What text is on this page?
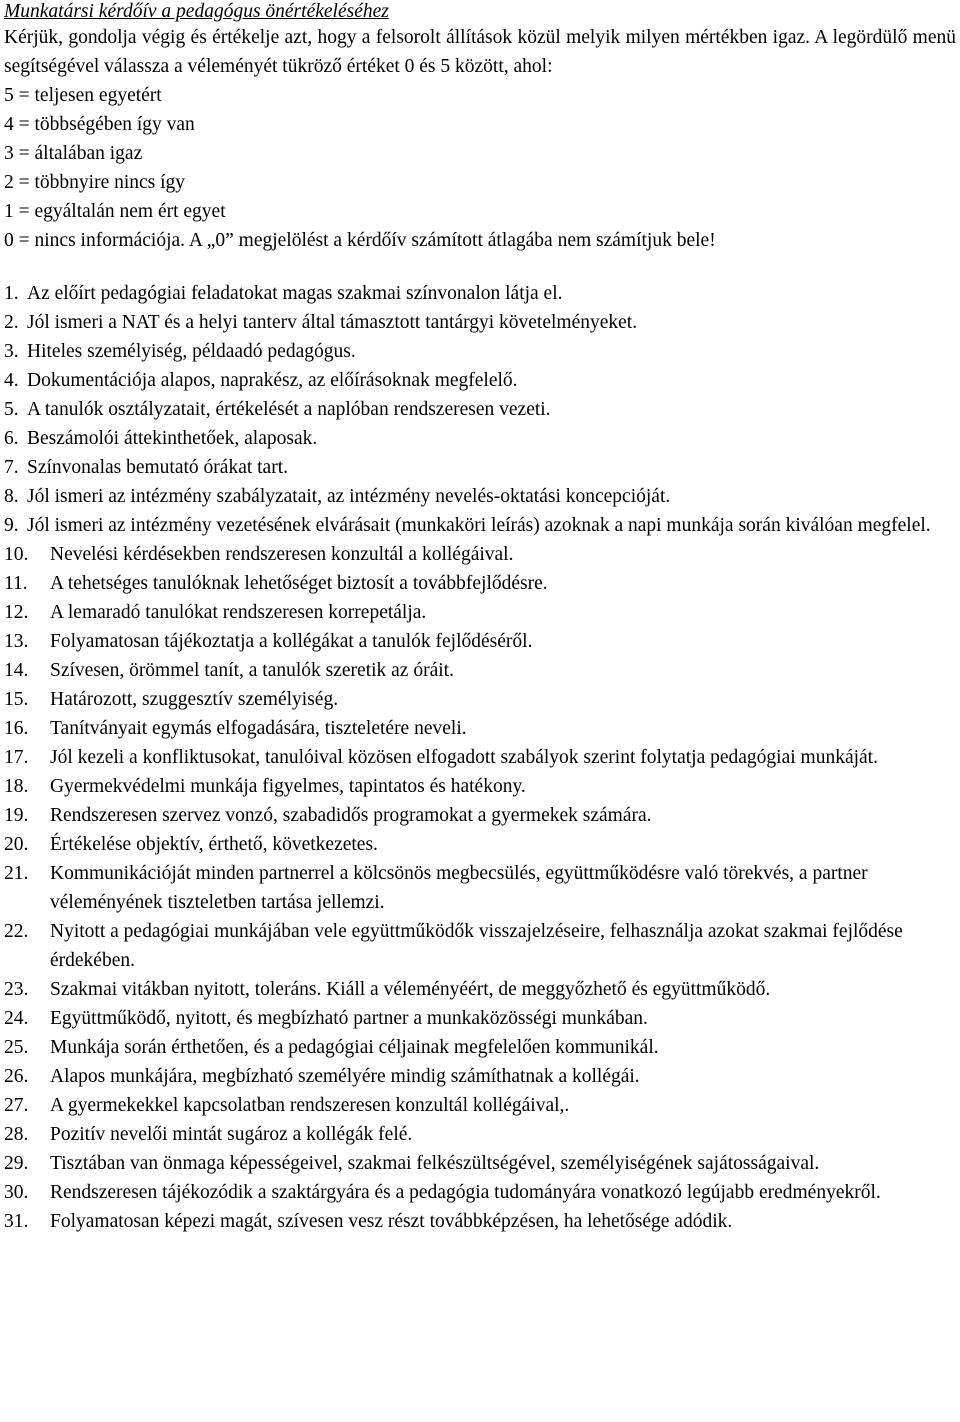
Munkatársi kérdőív a pedagógus önértékeléséhez
Kérjük, gondolja végig és értékelje azt, hogy a felsorolt állítások közül melyik milyen mértékben igaz. A legördülő menü segítségével válassza a véleményét tükröző értéket 0 és 5 között, ahol:
5 = teljesen egyetért
4 = többségében így van
3 = általában igaz
2 = többnyire nincs így
1 = egyáltalán nem ért egyet
0 = nincs információja. A „0” megjelölést a kérdőív számított átlagába nem számítjuk bele!
1. Az előírt pedagógiai feladatokat magas szakmai színvonalon látja el.
2. Jól ismeri a NAT és a helyi tanterv által támasztott tantárgyi követelményeket.
3. Hiteles személyiség, példaadó pedagógus.
4. Dokumentációja alapos, naprakész, az előírásoknak megfelelő.
5. A tanulók osztályzatait, értékelését a naplóban rendszeresen vezeti.
6. Beszámolói áttekinthetőek, alaposak.
7. Színvonalas bemutató órákat tart.
8. Jól ismeri az intézmény szabályzatait, az intézmény nevelés-oktatási koncepcióját.
9. Jól ismeri az intézmény vezetésének elvárásait (munkaköri leírás) azoknak a napi munkája során kiválóan megfelel.
10. Nevelési kérdésekben rendszeresen konzultál a kollégáival.
11. A tehetséges tanulóknak lehetőséget biztosít a továbbfejlődésre.
12. A lemaradó tanulókat rendszeresen korrepetálja.
13. Folyamatosan tájékoztatja a kollégákat a tanulók fejlődéséről.
14. Szívesen, örömmel tanít, a tanulók szeretik az óráit.
15. Határozott, szuggesztív személyiség.
16. Tanítványait egymás elfogadására, tiszteletére neveli.
17. Jól kezeli a konfliktusokat, tanulóival közösen elfogadott szabályok szerint folytatja pedagógiai munkáját.
18. Gyermekvédelmi munkája figyelmes, tapintatos és hatékony.
19. Rendszeresen szervez vonzó, szabadidős programokat a gyermekek számára.
20. Értékelése objektív, érthető, következetes.
21. Kommunikációját minden partnerrel a kölcsönös megbecsülés, együttműködésre való törekvés, a partner véleményének tiszteletben tartása jellemzi.
22. Nyitott a pedagógiai munkájában vele együttműködők visszajelzéseire, felhasználja azokat szakmai fejlődése érdekében.
23. Szakmai vitákban nyitott, toleráns. Kiáll a véleményéért, de meggyőzhető és együttműködő.
24. Együttműködő, nyitott, és megbízható partner a munkaközösségi munkában.
25. Munkája során érthetően, és a pedagógiai céljainak megfelelően kommunikál.
26. Alapos munkájára, megbízható személyére mindig számíthatnak a kollégái.
27. A gyermekekkel kapcsolatban rendszeresen konzultál kollégáival,.
28. Pozitív nevelői mintát sugároz a kollégák felé.
29. Tisztában van önmaga képességeivel, szakmai felkészültségével, személyiségének sajátosságaival.
30. Rendszeresen tájékozódik a szaktárgyára és a pedagógia tudományára vonatkozó legújabb eredményekről.
31. Folyamatosan képezi magát, szívesen vesz részt továbbképzésen, ha lehetősége adódik.
